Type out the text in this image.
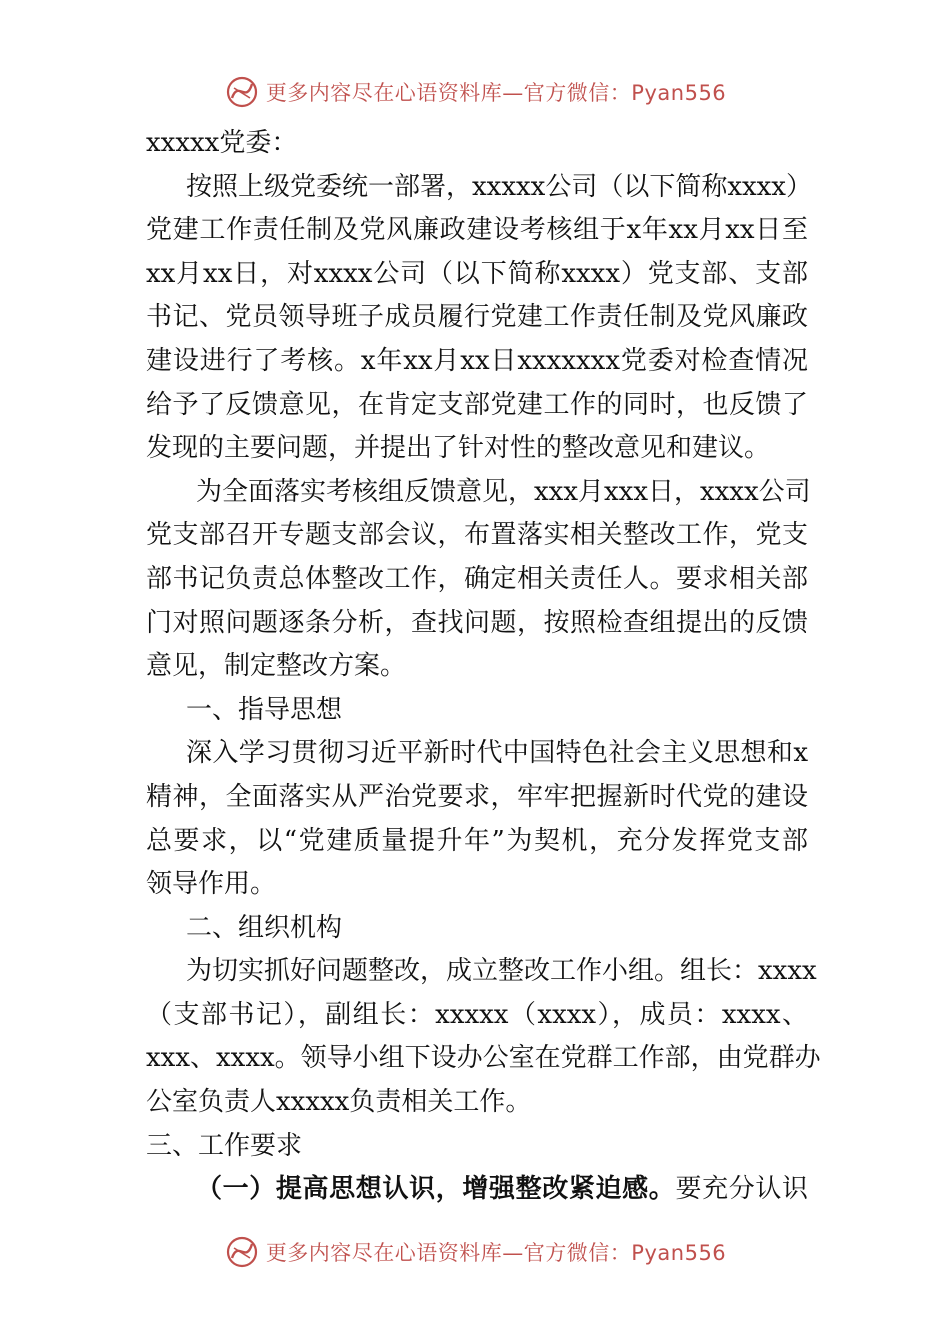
更多内容尽在心语资料库—官方微信：Pyan556
xxxxx党委：
按照上级党委统一部署，xxxxx公司（以下简称xxxx）
党建工作责任制及党风廉政建设考核组于x年xx月xx日至
xx月xx日，对xxxx公司（以下简称xxxx）党支部、支部
书记、党员领导班子成员履行党建工作责任制及党风廉政
建设进行了考核。x年xx月xx日xxxxxxx党委对检查情况
给予了反馈意见，在肯定支部党建工作的同时，也反馈了
发现的主要问题，并提出了针对性的整改意见和建议。
为全面落实考核组反馈意见，xxx月xxx日，xxxx公司
党支部召开专题支部会议，布置落实相关整改工作，党支
部书记负责总体整改工作，确定相关责任人。要求相关部
门对照问题逐条分析，查找问题，按照检查组提出的反馈
意见，制定整改方案。
一、指导思想
深入学习贯彻习近平新时代中国特色社会主义思想和x
精神，全面落实从严治党要求，牢牢把握新时代党的建设
总要求，以“党建质量提升年”为契机，充分发挥党支部
领导作用。
二、组织机构
为切实抓好问题整改，成立整改工作小组。组长：xxxx
（支部书记），副组长：xxxxx（xxxx），成员：xxxx、
xxx、xxxx。领导小组下设办公室在党群工作部，由党群办
公室负责人xxxxx负责相关工作。
三、工作要求
（一）提高思想认识，增强整改紧迫感。要充分认识
更多内容尽在心语资料库—官方微信：Pyan556
